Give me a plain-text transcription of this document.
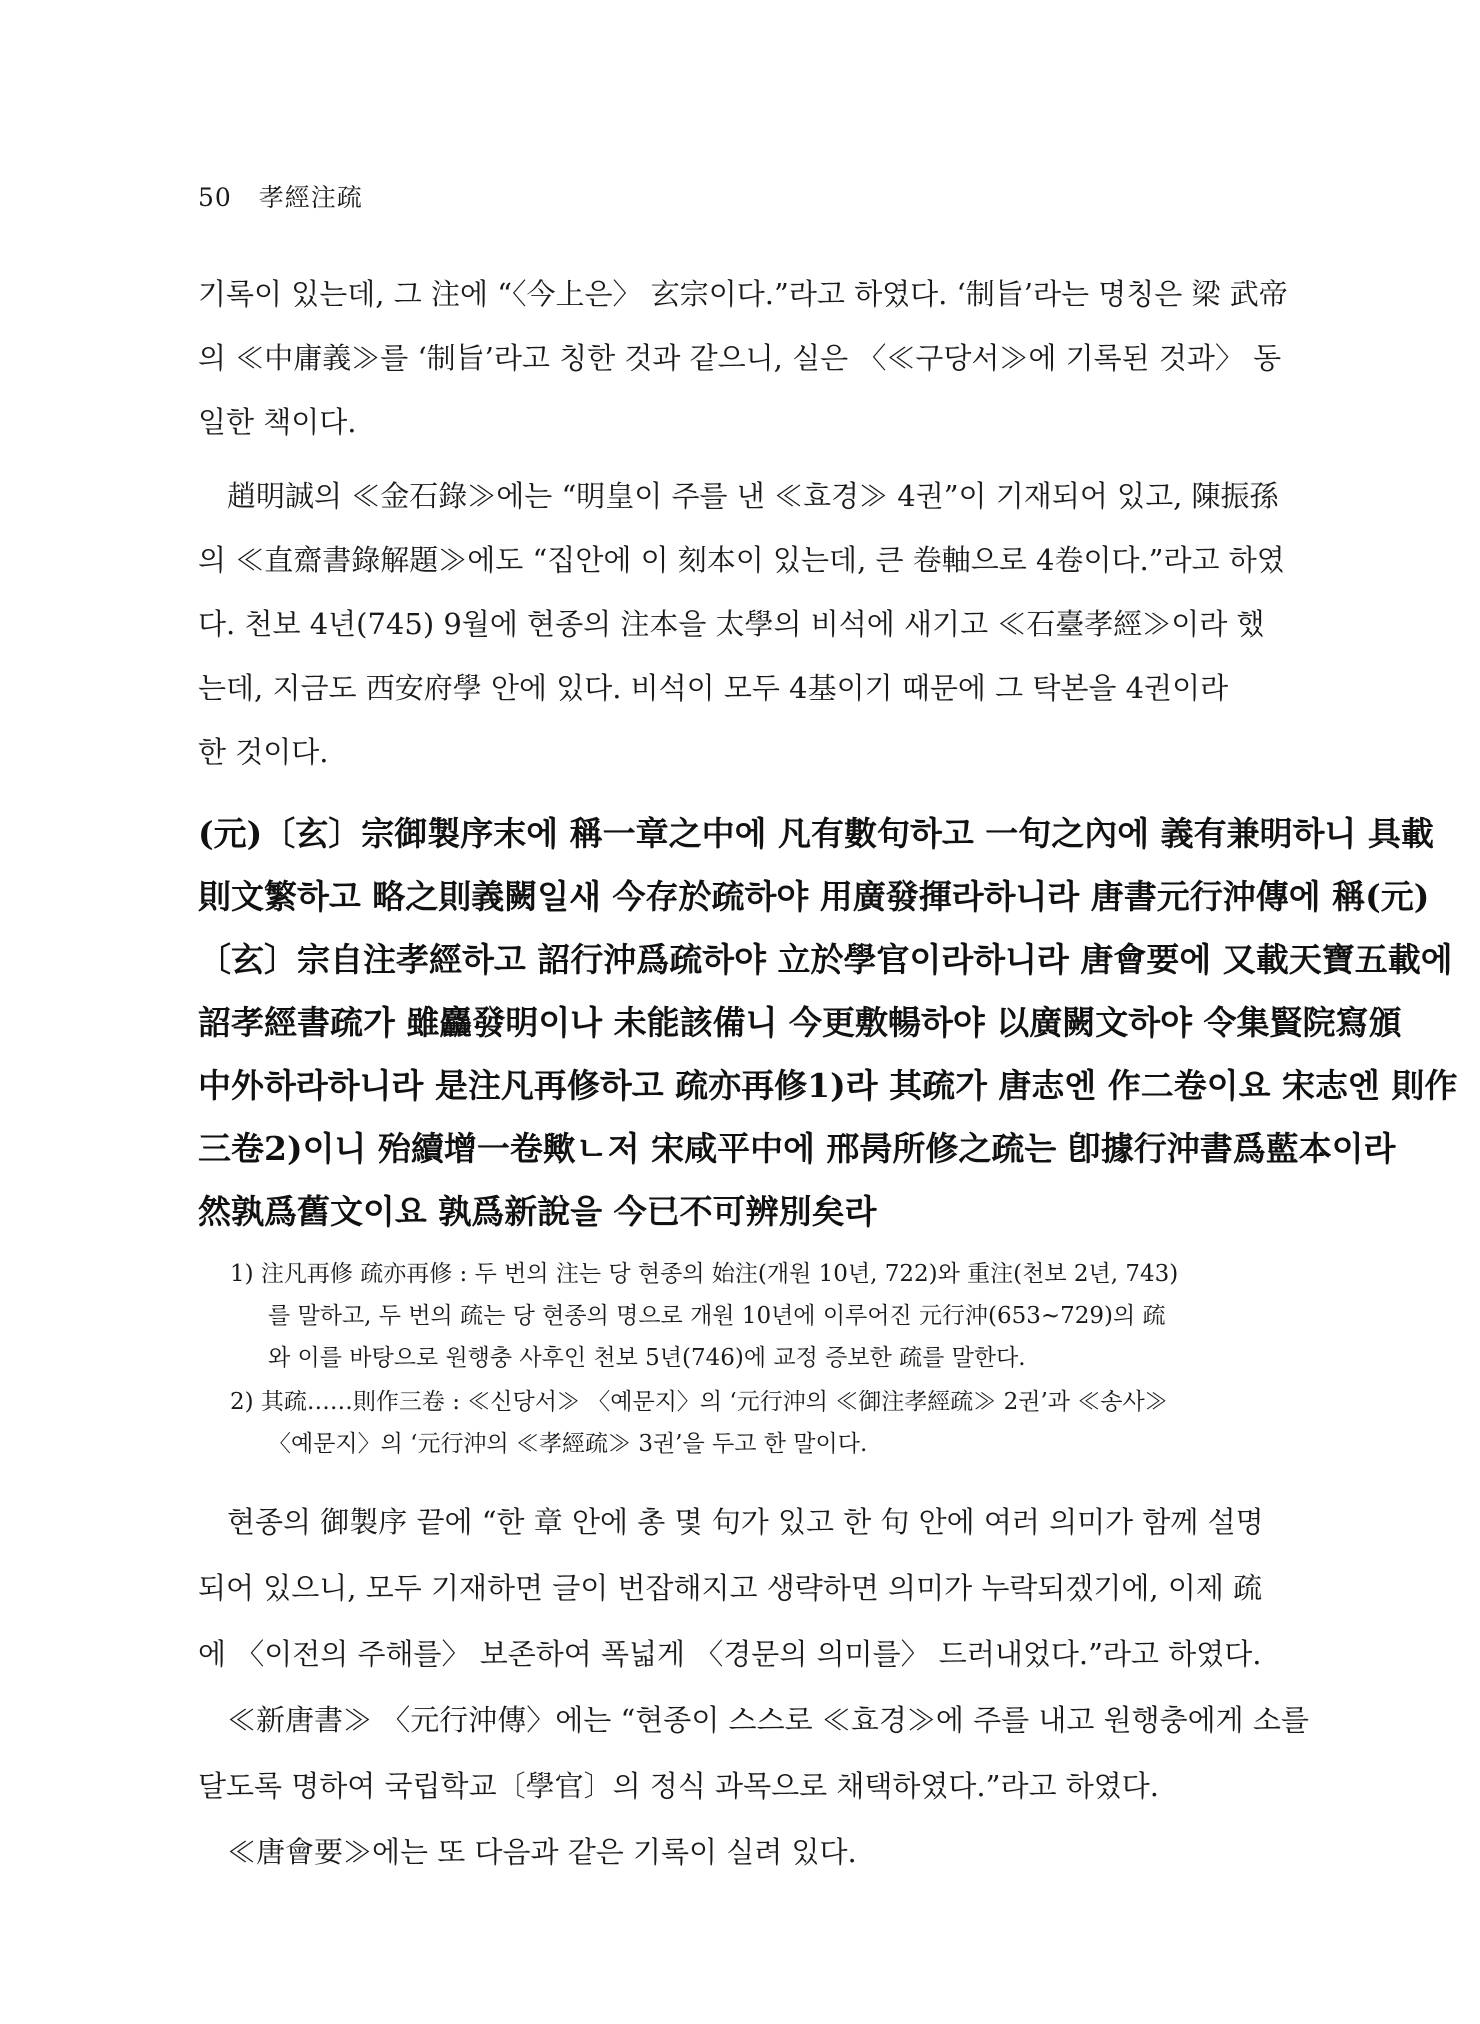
50 孝經注疏
기록이 있는데, 그 注에 “〈今上은〉 玄宗이다.”라고 하였다. ‘制旨’라는 명칭은 梁 武帝
의 ≪中庸義≫를 ‘制旨’라고 칭한 것과 같으니, 실은 〈≪구당서≫에 기록된 것과〉 동
일한 책이다.
　趙明誠의 ≪金石錄≫에는 “明皇이 주를 낸 ≪효경≫ 4권”이 기재되어 있고, 陳振孫
의 ≪直齋書錄解題≫에도 “집안에 이 刻本이 있는데, 큰 卷軸으로 4卷이다.”라고 하였
다. 천보 4년(745) 9월에 현종의 注本을 太學의 비석에 새기고 ≪石臺孝經≫이라 했
는데, 지금도 西安府學 안에 있다. 비석이 모두 4基이기 때문에 그 탁본을 4권이라
한 것이다.
(元)〔玄〕宗御製序末에 稱一章之中에 凡有數句하고 一句之內에 義有兼明하니 具載
則文繁하고 略之則義闕일새 今存於疏하야 用廣發揮라하니라 唐書元行沖傳에 稱(元)
〔玄〕宗自注孝經하고 詔行沖爲疏하야 立於學官이라하니라 唐會要에 又載天寶五載에
詔孝經書疏가 雖麤發明이나 未能該備니 今更敷暢하야 以廣闕文하야 令集賢院寫頒
中外하라하니라 是注凡再修하고 疏亦再修1)라 其疏가 唐志엔 作二卷이요 宋志엔 則作
三卷2)이니 殆續增一卷歟ㄴ저 宋咸平中에 邢昺所修之疏는 卽據行沖書爲藍本이라
然孰爲舊文이요 孰爲新說을 今已不可辨別矣라
1) 注凡再修 疏亦再修 : 두 번의 注는 당 현종의 始注(개원 10년, 722)와 重注(천보 2년, 743)
를 말하고, 두 번의 疏는 당 현종의 명으로 개원 10년에 이루어진 元行沖(653~729)의 疏
와 이를 바탕으로 원행충 사후인 천보 5년(746)에 교정 증보한 疏를 말한다.
2) 其疏……則作三卷 : ≪신당서≫ 〈예문지〉의 ‘元行沖의 ≪御注孝經疏≫ 2권’과 ≪송사≫
〈예문지〉의 ‘元行沖의 ≪孝經疏≫ 3권’을 두고 한 말이다.
　현종의 御製序 끝에 “한 章 안에 총 몇 句가 있고 한 句 안에 여러 의미가 함께 설명
되어 있으니, 모두 기재하면 글이 번잡해지고 생략하면 의미가 누락되겠기에, 이제 疏
에 〈이전의 주해를〉 보존하여 폭넓게 〈경문의 의미를〉 드러내었다.”라고 하였다.
　≪新唐書≫ 〈元行沖傳〉에는 “현종이 스스로 ≪효경≫에 주를 내고 원행충에게 소를
달도록 명하여 국립학교〔學官〕의 정식 과목으로 채택하였다.”라고 하였다.
　≪唐會要≫에는 또 다음과 같은 기록이 실려 있다.
